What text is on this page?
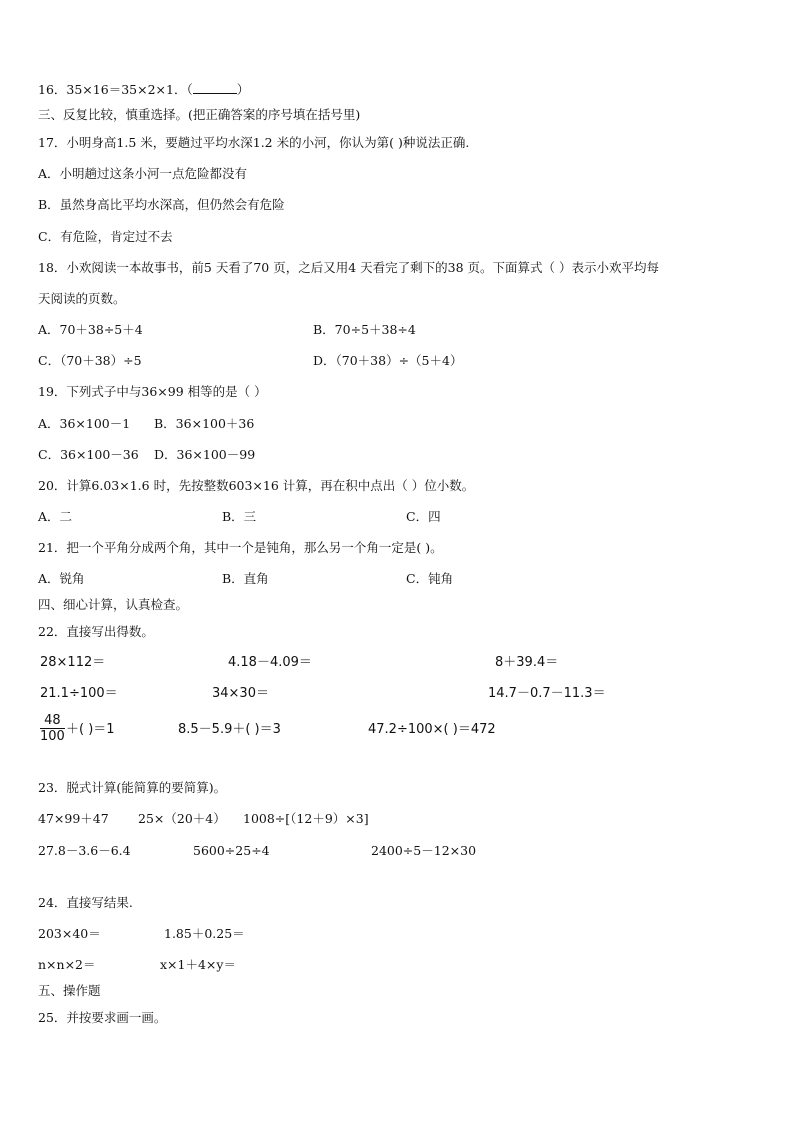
16．35×16＝35×2×1．（	）
三、反复比较，慎重选择。(把正确答案的序号填在括号里)
17．小明身高1.5 米，要趟过平均水深1.2 米的小河，你认为第( )种说法正确.
A．小明趟过这条小河一点危险都没有
B．虽然身高比平均水深高，但仍然会有危险
C．有危险，肯定过不去
18．小欢阅读一本故事书，前5 天看了70 页，之后又用4 天看完了剩下的38 页。下面算式（ ）表示小欢平均每
天阅读的页数。
A．70＋38÷5＋4	B．70÷5＋38÷4
C．（70＋38）÷5	D．（70＋38）÷（5＋4）
19．下列式子中与36×99 相等的是（ ）
A．36×100－1 B．36×100＋36
C．36×100－36 D．36×100－99
20．计算6.03×1.6 时，先按整数603×16 计算，再在积中点出（ ）位小数。
A．二	B．三	C．四
21．把一个平角分成两个角，其中一个是钝角，那么另一个角一定是( )。
A．锐角	B．直角	C．钝角
四、细心计算，认真检查。
22．直接写出得数。
28×112＝	4.18－4.09＝	8＋39.4＝
21.1÷100＝	34×30＝	14.7－0.7－11.3＝
$\frac{48}{100}$ ＋( )＝1	8.5－5.9＋( )＝3	47.2÷100×( )＝472
23．脱式计算(能简算的要简算)。
47×99＋47 25×（20＋4） 1008÷[（12＋9）×3]
27.8－3.6－6.4	5600÷25÷4	2400÷5－12×30
24．直接写结果.
203×40＝	1.85＋0.25＝
n×n×2＝	x×1＋4×y＝
五、操作题
25．并按要求画一画。
